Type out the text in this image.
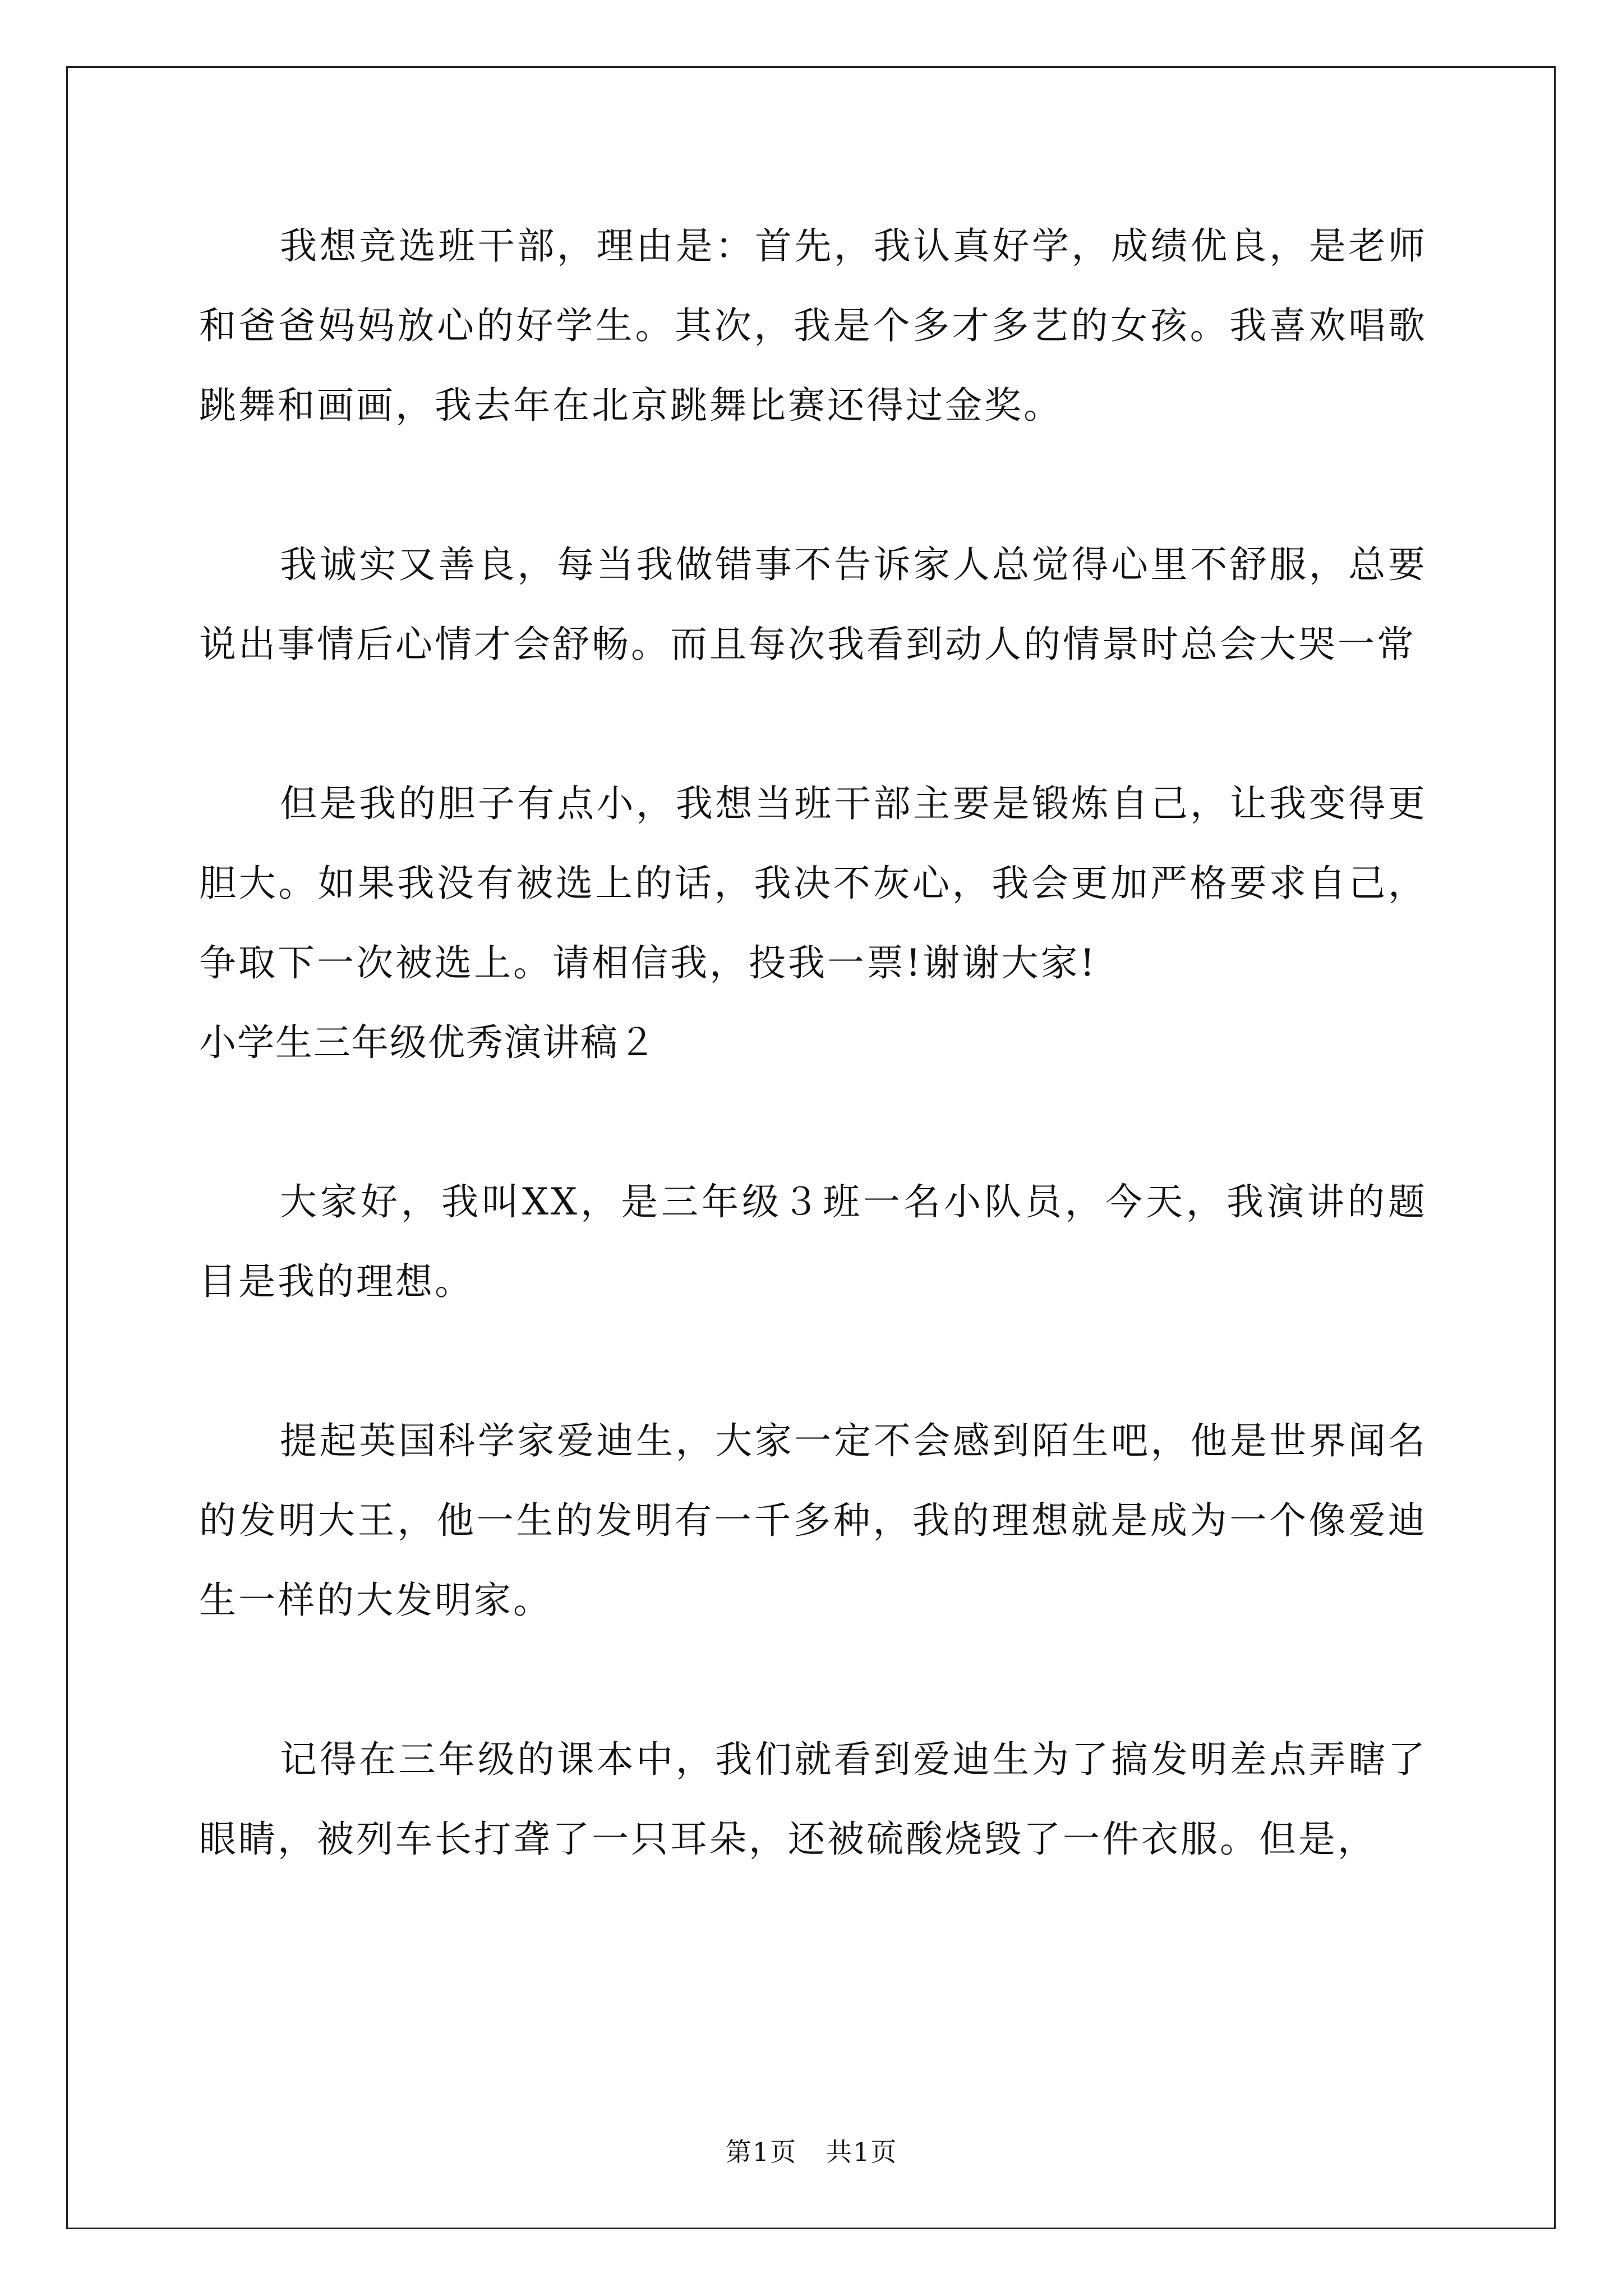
我想竞选班干部，理由是：首先，我认真好学，成绩优良，是老师和爸爸妈妈放心的好学生。其次，我是个多才多艺的女孩。我喜欢唱歌跳舞和画画，我去年在北京跳舞比赛还得过金奖。

我诚实又善良，每当我做错事不告诉家人总觉得心里不舒服，总要说出事情后心情才会舒畅。而且每次我看到动人的情景时总会大哭一常

但是我的胆子有点小，我想当班干部主要是锻炼自己，让我变得更胆大。如果我没有被选上的话，我决不灰心，我会更加严格要求自己，争取下一次被选上。请相信我，投我一票!谢谢大家!

小学生三年级优秀演讲稿２

大家好，我叫XX，是三年级３班一名小队员，今天，我演讲的题目是我的理想。

提起英国科学家爱迪生，大家一定不会感到陌生吧，他是世界闻名的发明大王，他一生的发明有一千多种，我的理想就是成为一个像爱迪生一样的大发明家。

记得在三年级的课本中，我们就看到爱迪生为了搞发明差点弄瞎了眼睛，被列车长打聋了一只耳朵，还被硫酸烧毁了一件衣服。但是，

第1页 共1页
